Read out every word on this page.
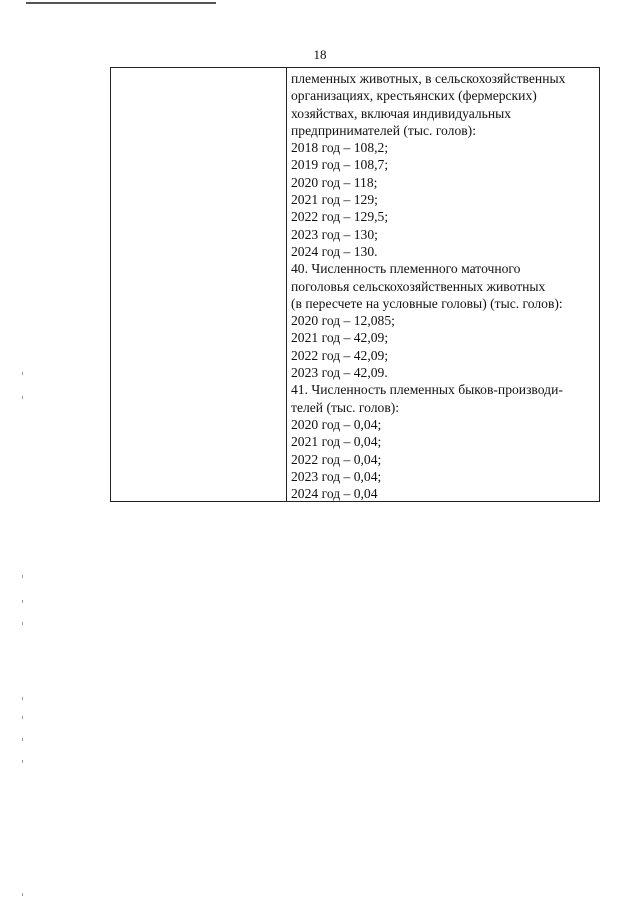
18
племенных животных, в сельскохозяйственных
организациях, крестьянских (фермерских)
хозяйствах, включая индивидуальных
предпринимателей (тыс. голов):
2018 год – 108,2;
2019 год – 108,7;
2020 год – 118;
2021 год – 129;
2022 год – 129,5;
2023 год – 130;
2024 год – 130.
40. Численность племенного маточного
поголовья сельскохозяйственных животных
(в пересчете на условные головы) (тыс. голов):
2020 год – 12,085;
2021 год – 42,09;
2022 год – 42,09;
2023 год – 42,09.
41. Численность племенных быков-производи-
телей (тыс. голов):
2020 год – 0,04;
2021 год – 0,04;
2022 год – 0,04;
2023 год – 0,04;
2024 год – 0,04
